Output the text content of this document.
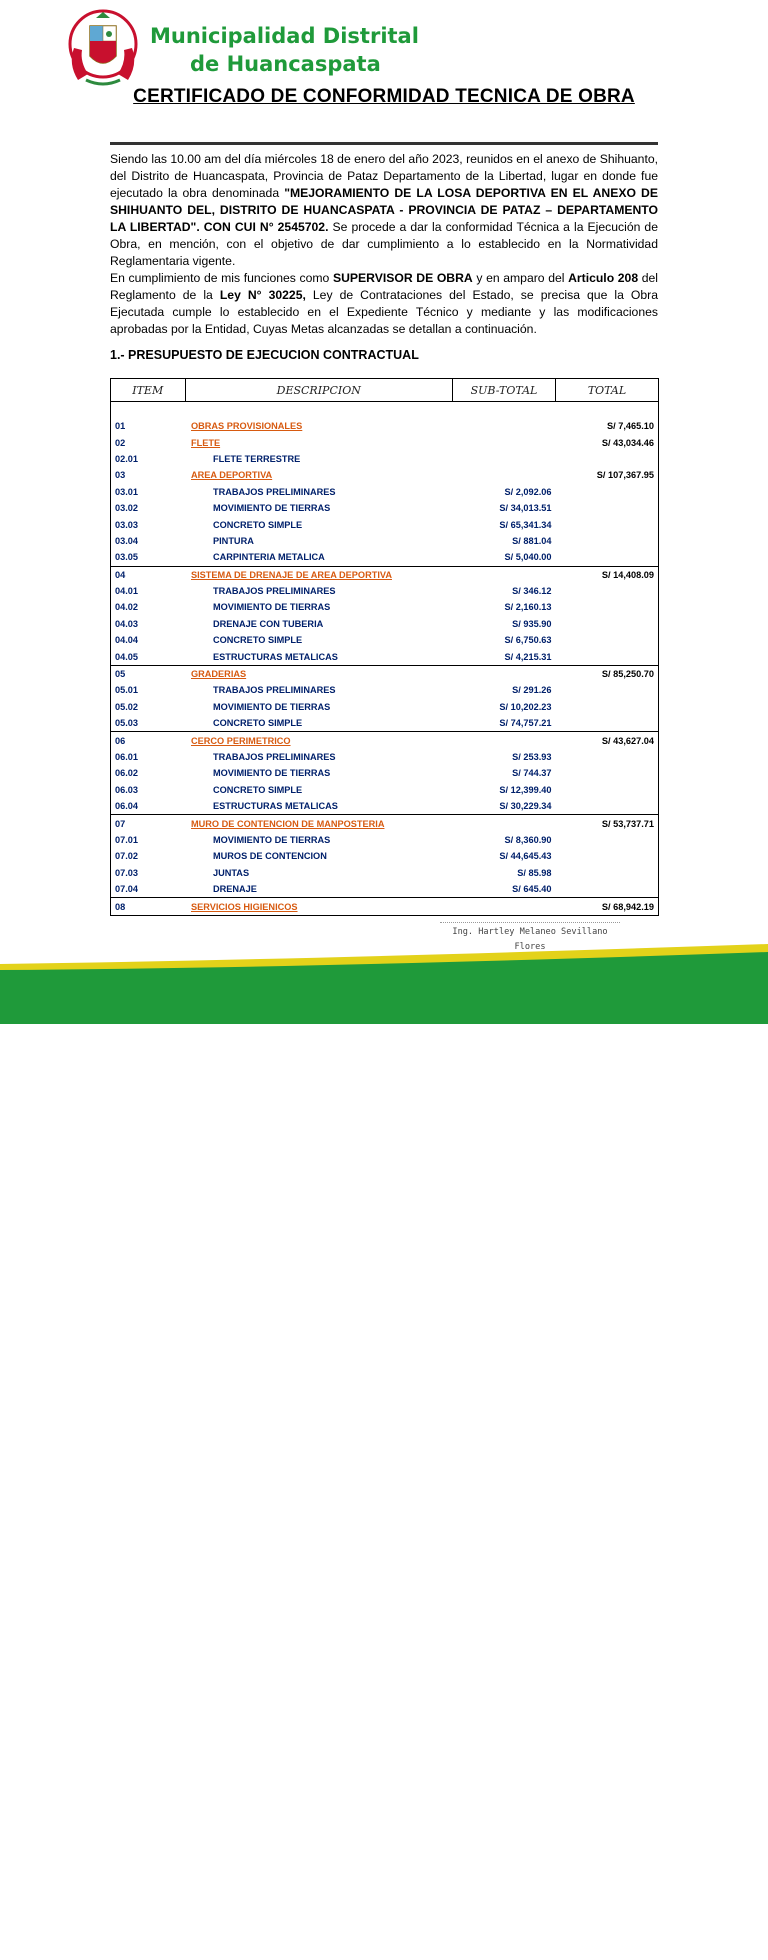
Municipalidad Distrital
de Huancaspata
CERTIFICADO DE CONFORMIDAD TECNICA DE OBRA
Siendo las 10.00 am del día miércoles 18 de enero del año 2023, reunidos en el anexo de Shihuanto, del Distrito de Huancaspata, Provincia de Pataz Departamento de la Libertad, lugar en donde fue ejecutado la obra denominada "MEJORAMIENTO DE LA LOSA DEPORTIVA EN EL ANEXO DE SHIHUANTO DEL, DISTRITO DE HUANCASPATA - PROVINCIA DE PATAZ – DEPARTAMENTO LA LIBERTAD". CON CUI N° 2545702. Se procede a dar la conformidad Técnica a la Ejecución de Obra, en mención, con el objetivo de dar cumplimiento a lo establecido en la Normatividad Reglamentaria vigente.
En cumplimiento de mis funciones como SUPERVISOR DE OBRA y en amparo del Articulo 208 del Reglamento de la Ley N° 30225, Ley de Contrataciones del Estado, se precisa que la Obra Ejecutada cumple lo establecido en el Expediente Técnico y mediante y las modificaciones aprobadas por la Entidad, Cuyas Metas alcanzadas se detallan a continuación.
1.- PRESUPUESTO DE EJECUCION CONTRACTUAL
ITEM	DESCRIPCION	SUB-TOTAL	TOTAL

01	OBRAS PROVISIONALES		S/ 7,465.10
02	FLETE		S/ 43,034.46
02.01	FLETE TERRESTRE		
03	AREA DEPORTIVA		S/ 107,367.95
03.01	TRABAJOS PRELIMINARES	S/ 2,092.06	
03.02	MOVIMIENTO DE TIERRAS	S/ 34,013.51	
03.03	CONCRETO SIMPLE	S/ 65,341.34	
03.04	PINTURA	S/ 881.04	
03.05	CARPINTERIA METALICA	S/ 5,040.00	
04	SISTEMA DE DRENAJE DE AREA DEPORTIVA		S/ 14,408.09
04.01	TRABAJOS PRELIMINARES	S/ 346.12	
04.02	MOVIMIENTO DE TIERRAS	S/ 2,160.13	
04.03	DRENAJE CON TUBERIA	S/ 935.90	
04.04	CONCRETO SIMPLE	S/ 6,750.63	
04.05	ESTRUCTURAS METALICAS	S/ 4,215.31	
05	GRADERIAS		S/ 85,250.70
05.01	TRABAJOS PRELIMINARES	S/ 291.26	
05.02	MOVIMIENTO DE TIERRAS	S/ 10,202.23	
05.03	CONCRETO SIMPLE	S/ 74,757.21	
06	CERCO PERIMETRICO		S/ 43,627.04
06.01	TRABAJOS PRELIMINARES	S/ 253.93	
06.02	MOVIMIENTO DE TIERRAS	S/ 744.37	
06.03	CONCRETO SIMPLE	S/ 12,399.40	
06.04	ESTRUCTURAS METALICAS	S/ 30,229.34	
07	MURO DE CONTENCION DE MANPOSTERIA		S/ 53,737.71
07.01	MOVIMIENTO DE TIERRAS	S/ 8,360.90	
07.02	MUROS DE CONTENCION	S/ 44,645.43	
07.03	JUNTAS	S/ 85.98	
07.04	DRENAJE	S/ 645.40	
08	SERVICIOS HIGIENICOS		S/ 68,942.19
Ing. Hartley Melaneo Sevillano Flores
☎ 972646631
@ munidis.huancaspata@gmail.com
f	Muni Huancaspata
◉ Jr. 05 de Marzo N° 208 Plaza de Armas - Huancaspata - Pataz - La Libertad
